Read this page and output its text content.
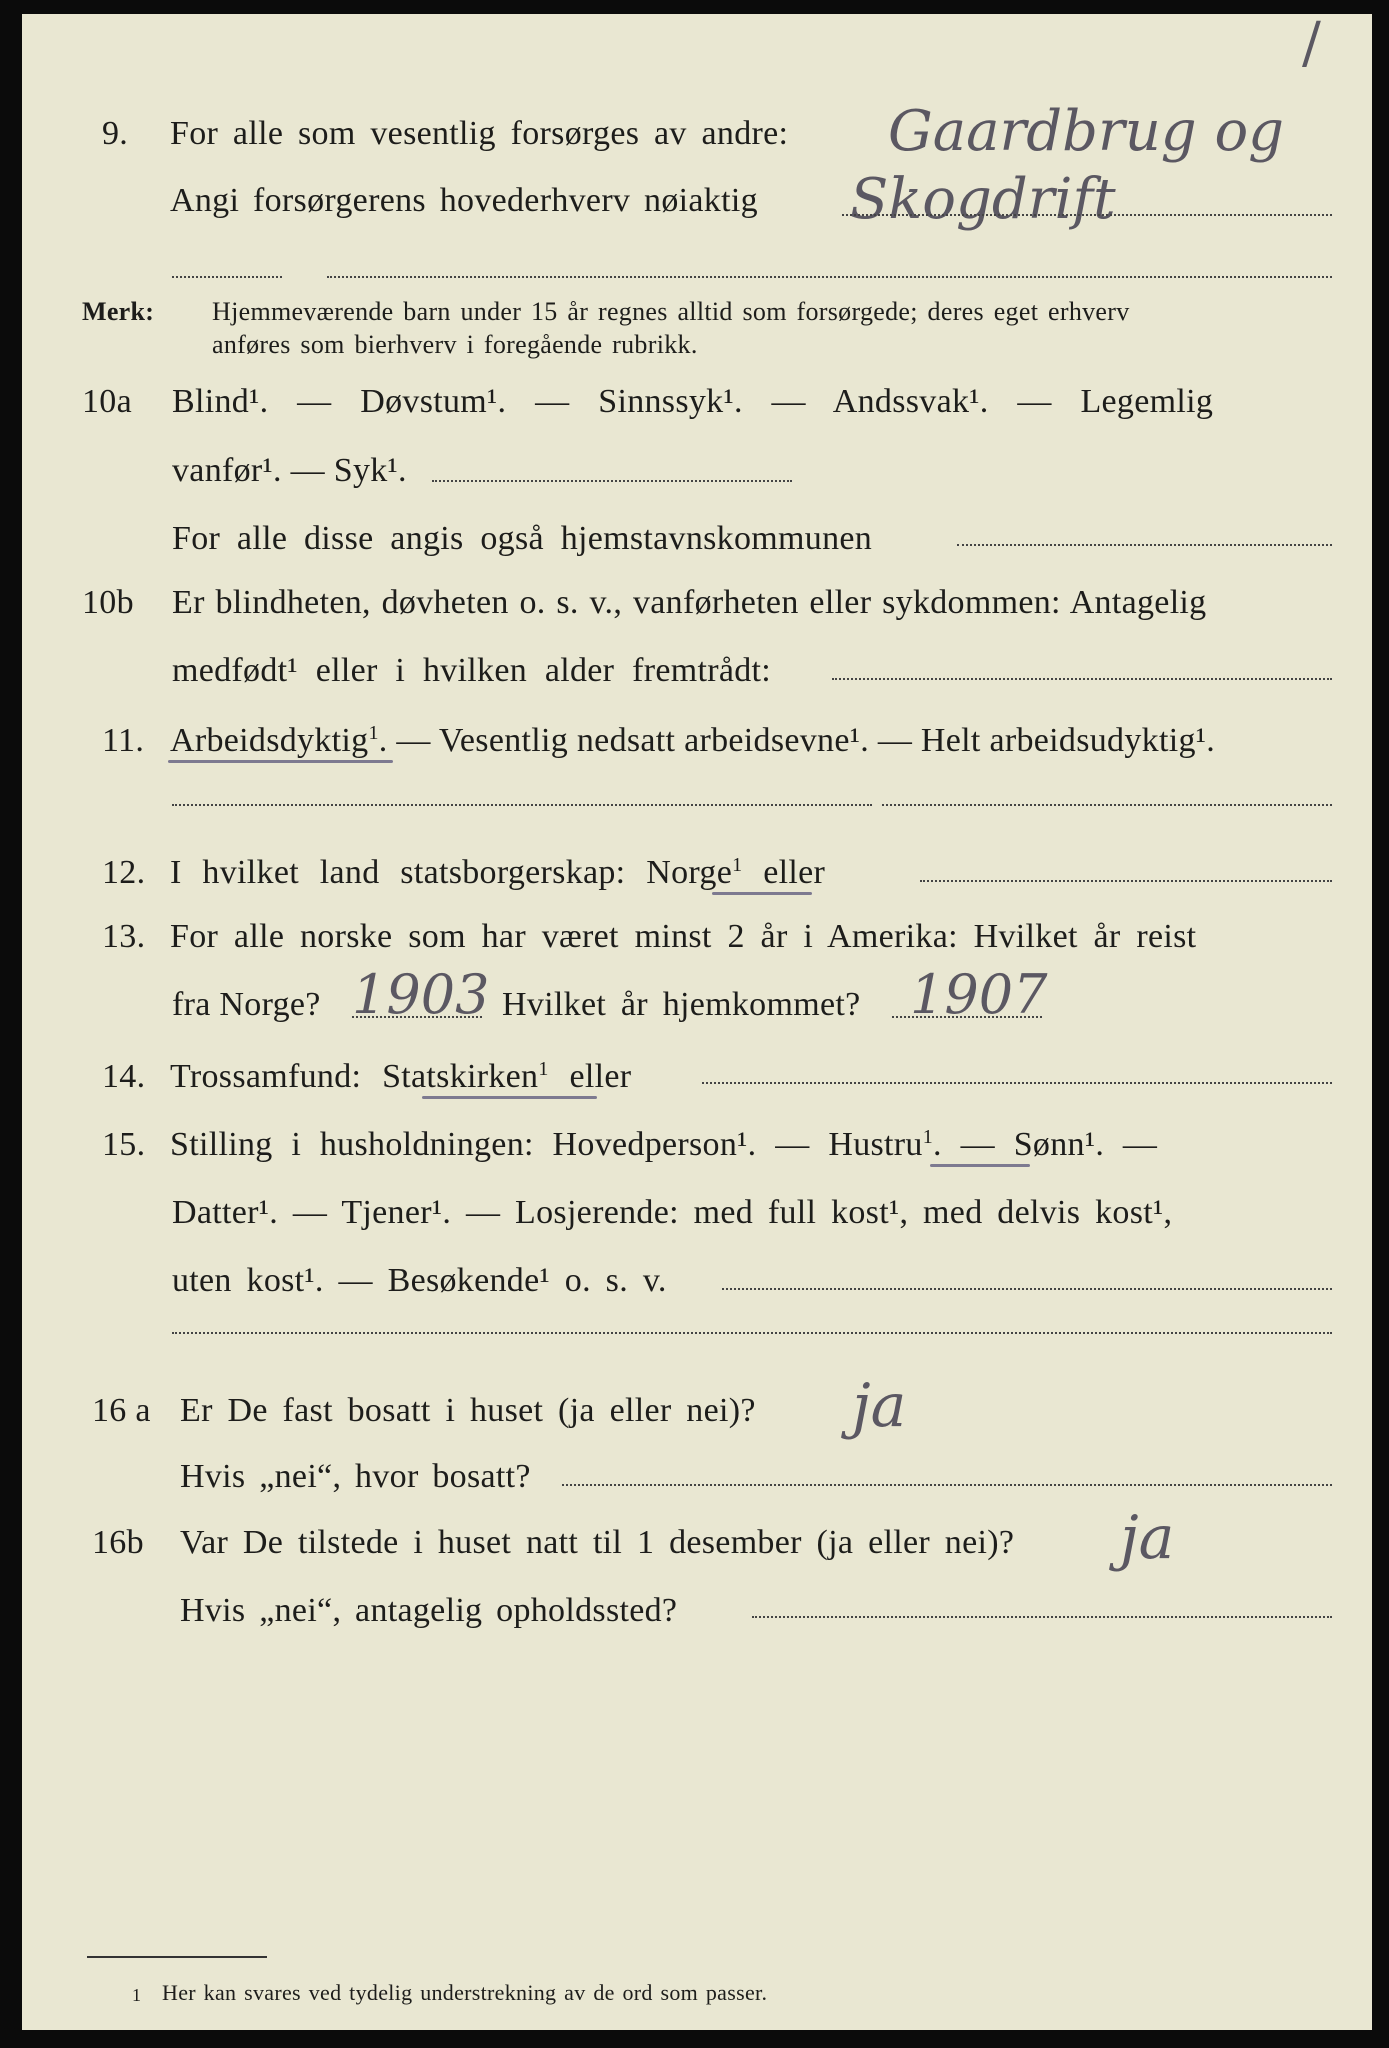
/
9. For alle som vesentlig forsørges av andre: Gaardbrug og
Angi forsørgerens hovederhverv nøiaktig Skogdrift
Merk: Hjemmeværende barn under 15 år regnes alltid som forsørgede; deres eget erhverv
anføres som bierhverv i foregående rubrikk.
10a Blind¹. — Døvstum¹. — Sinnssyk¹. — Andssvak¹. — Legemlig
vanfør¹. — Syk¹.
For alle disse angis også hjemstavnskommunen
10b Er blindheten, døvheten o. s. v., vanførheten eller sykdommen: Antagelig
medfødt¹ eller i hvilken alder fremtrådt:
11. Arbeidsdyktig$^1$. — Vesentlig nedsatt arbeidsevne¹. — Helt arbeidsudyktig¹.
12. I hvilket land statsborgerskap: Norge$^1$ eller
13. For alle norske som har været minst 2 år i Amerika: Hvilket år reist
fra Norge? 1903 Hvilket år hjemkommet? 1907
14. Trossamfund: Statskirken$^1$ eller
15. Stilling i husholdningen: Hovedperson¹. — Hustru$^1$. — Sønn¹. —
Datter¹. — Tjener¹. — Losjerende: med full kost¹, med delvis kost¹,
uten kost¹. — Besøkende¹ o. s. v.
16 a Er De fast bosatt i huset (ja eller nei)? ja
Hvis „nei“, hvor bosatt?
16b Var De tilstede i huset natt til 1 desember (ja eller nei)? ja
Hvis „nei“, antagelig opholdssted?
1 Her kan svares ved tydelig understrekning av de ord som passer.
